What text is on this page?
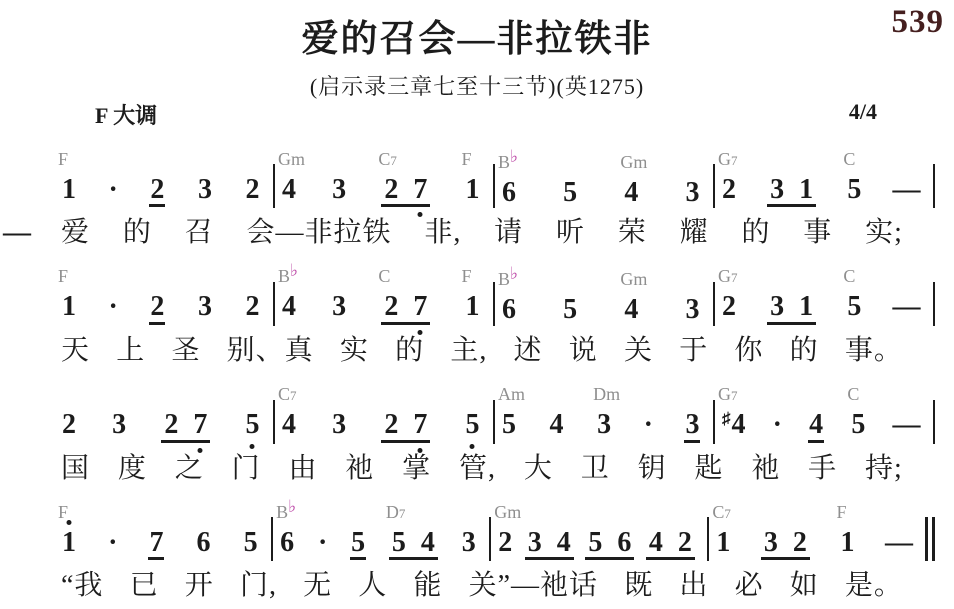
539
爱的召会—非拉铁非
(启示录三章七至十三节)(英1275)
F 大调	4/4
F
1 · 2 3 2
Gm
4 3
C7
2 7
F
1
B♭
6 5
Gm
4 3
G7
2 3 1
C
5 —
— 爱 的 召 会—非拉铁 非, 请 听 荣 耀 的 事 实;
F
1 · 2 3 2
B♭
4 3
C
2 7
F
1
B♭
6 5
Gm
4 3
G7
2 3 1
C
5 —
天 上 圣 别、真 实 的 主, 述 说 关 于 你 的 事。
2 3 2 7 5
C7
4 3 2 7 5
Am
5 4
Dm
3 · 3
G7
♯4 · 4
C
5 —
国 度 之 门 由 祂 掌 管, 大 卫 钥 匙 祂 手 持;
F
1 · 7 6 5
B♭
6 · 5
D7
5 4 3
Gm
2 3 4 5 6 4 2
C7
1 3 2
F
1 —
“我 已 开 门, 无 人 能 关”—祂话 既 出 必 如 是。
